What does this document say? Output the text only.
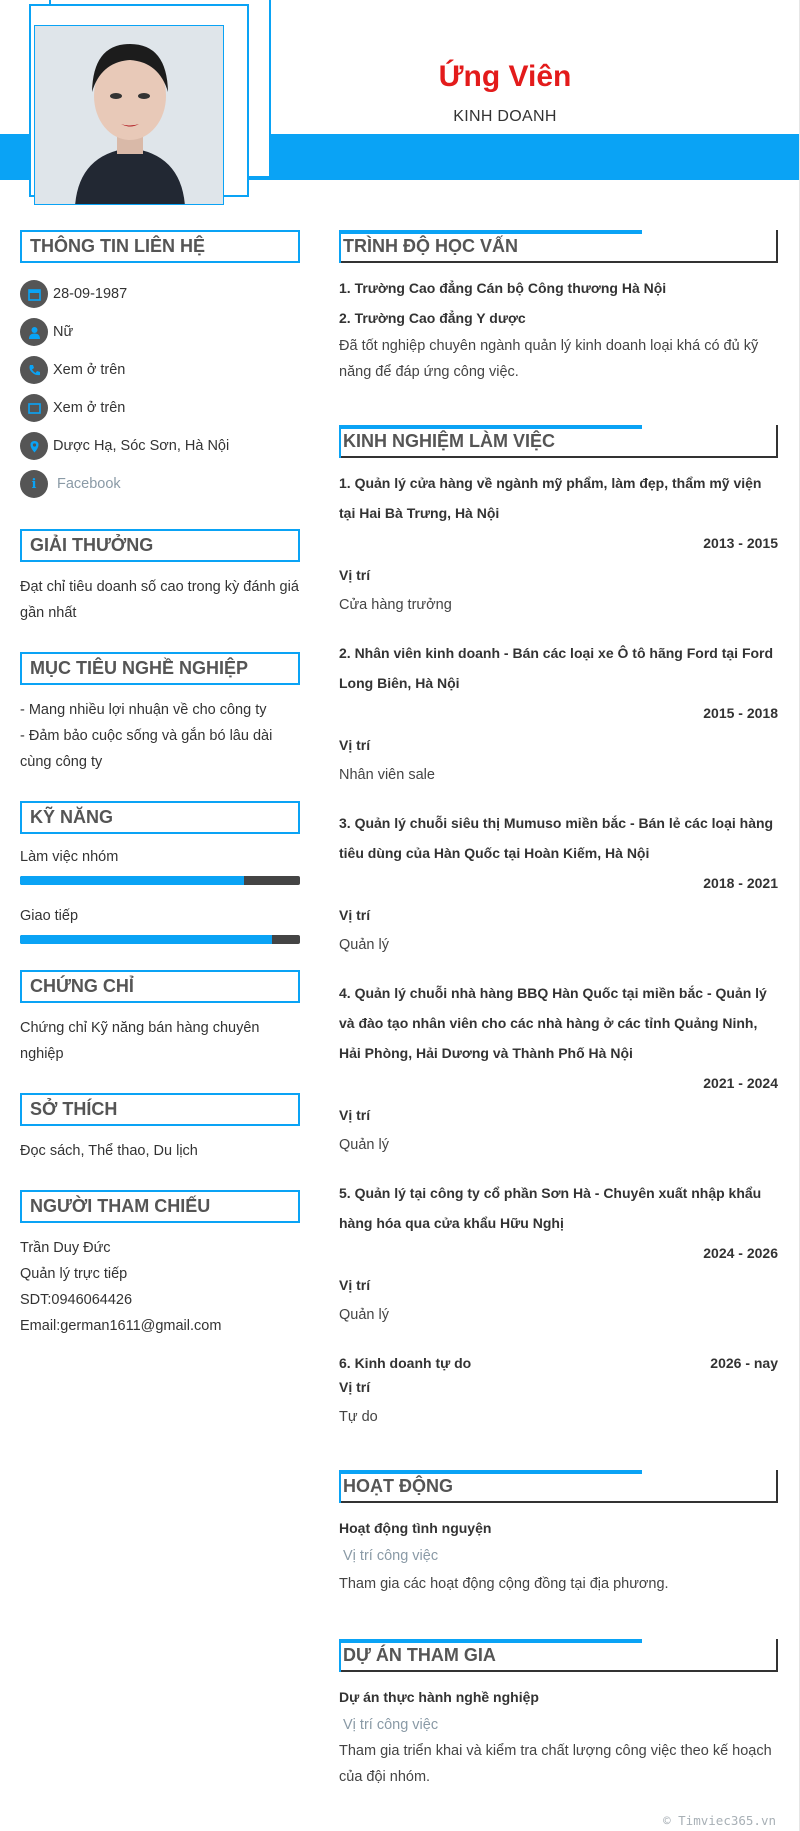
Ứng Viên
KINH DOANH
THÔNG TIN LIÊN HỆ
28-09-1987
Nữ
Xem ở trên
Xem ở trên
Dược Hạ, Sóc Sơn, Hà Nội
i	Facebook
GIẢI THƯỞNG
Đạt chỉ tiêu doanh số cao trong kỳ đánh giá gần nhất
MỤC TIÊU NGHỀ NGHIỆP
- Mang nhiều lợi nhuận về cho công ty
- Đảm bảo cuộc sống và gắn bó lâu dài cùng công ty
KỸ NĂNG
Làm việc nhóm
Giao tiếp
CHỨNG CHỈ
Chứng chỉ Kỹ năng bán hàng chuyên nghiệp
SỞ THÍCH
Đọc sách, Thể thao, Du lịch
NGƯỜI THAM CHIẾU
Trần Duy Đức
Quản lý trực tiếp
SDT:0946064426
Email:german1611@gmail.com
TRÌNH ĐỘ HỌC VẤN
1. Trường Cao đẳng Cán bộ Công thương Hà Nội
2. Trường Cao đẳng Y dược
Đã tốt nghiệp chuyên ngành quản lý kinh doanh loại khá có đủ kỹ năng để đáp ứng công việc.
KINH NGHIỆM LÀM VIỆC
1. Quản lý cửa hàng về ngành mỹ phẩm, làm đẹp, thẩm mỹ viện tại Hai Bà Trưng, Hà Nội
2013 - 2015
Vị trí
Cửa hàng trưởng
2. Nhân viên kinh doanh - Bán các loại xe Ô tô hãng Ford tại Ford Long Biên, Hà Nội
2015 - 2018
Vị trí
Nhân viên sale
3. Quản lý chuỗi siêu thị Mumuso miền bắc - Bán lẻ các loại hàng tiêu dùng của Hàn Quốc tại Hoàn Kiếm, Hà Nội
2018 - 2021
Vị trí
Quản lý
4. Quản lý chuỗi nhà hàng BBQ Hàn Quốc tại miền bắc - Quản lý và đào tạo nhân viên cho các nhà hàng ở các tỉnh Quảng Ninh, Hải Phòng, Hải Dương và Thành Phố Hà Nội
2021 - 2024
Vị trí
Quản lý
5. Quản lý tại công ty cổ phần Sơn Hà - Chuyên xuất nhập khẩu hàng hóa qua cửa khẩu Hữu Nghị
2024 - 2026
Vị trí
Quản lý
6. Kinh doanh tự do	2026 - nay
Vị trí
Tự do
HOẠT ĐỘNG
Hoạt động tình nguyện
Vị trí công việc
Tham gia các hoạt động cộng đồng tại địa phương.
DỰ ÁN THAM GIA
Dự án thực hành nghề nghiệp
Vị trí công việc
Tham gia triển khai và kiểm tra chất lượng công việc theo kế hoạch của đội nhóm.
© Timviec365.vn
